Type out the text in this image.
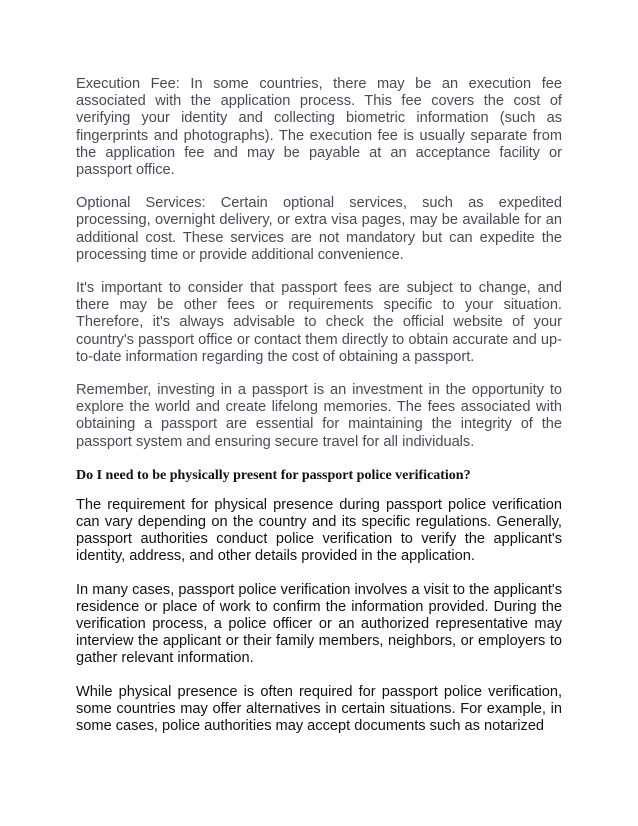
Execution Fee: In some countries, there may be an execution fee associated with the application process. This fee covers the cost of verifying your identity and collecting biometric information (such as fingerprints and photographs). The execution fee is usually separate from the application fee and may be payable at an acceptance facility or passport office.

Optional Services: Certain optional services, such as expedited processing, overnight delivery, or extra visa pages, may be available for an additional cost. These services are not mandatory but can expedite the processing time or provide additional convenience.

It's important to consider that passport fees are subject to change, and there may be other fees or requirements specific to your situation. Therefore, it's always advisable to check the official website of your country's passport office or contact them directly to obtain accurate and up-to-date information regarding the cost of obtaining a passport.

Remember, investing in a passport is an investment in the opportunity to explore the world and create lifelong memories. The fees associated with obtaining a passport are essential for maintaining the integrity of the passport system and ensuring secure travel for all individuals.

Do I need to be physically present for passport police verification?

The requirement for physical presence during passport police verification can vary depending on the country and its specific regulations. Generally, passport authorities conduct police verification to verify the applicant's identity, address, and other details provided in the application.

In many cases, passport police verification involves a visit to the applicant's residence or place of work to confirm the information provided. During the verification process, a police officer or an authorized representative may interview the applicant or their family members, neighbors, or employers to gather relevant information.

While physical presence is often required for passport police verification, some countries may offer alternatives in certain situations. For example, in some cases, police authorities may accept documents such as notarized
